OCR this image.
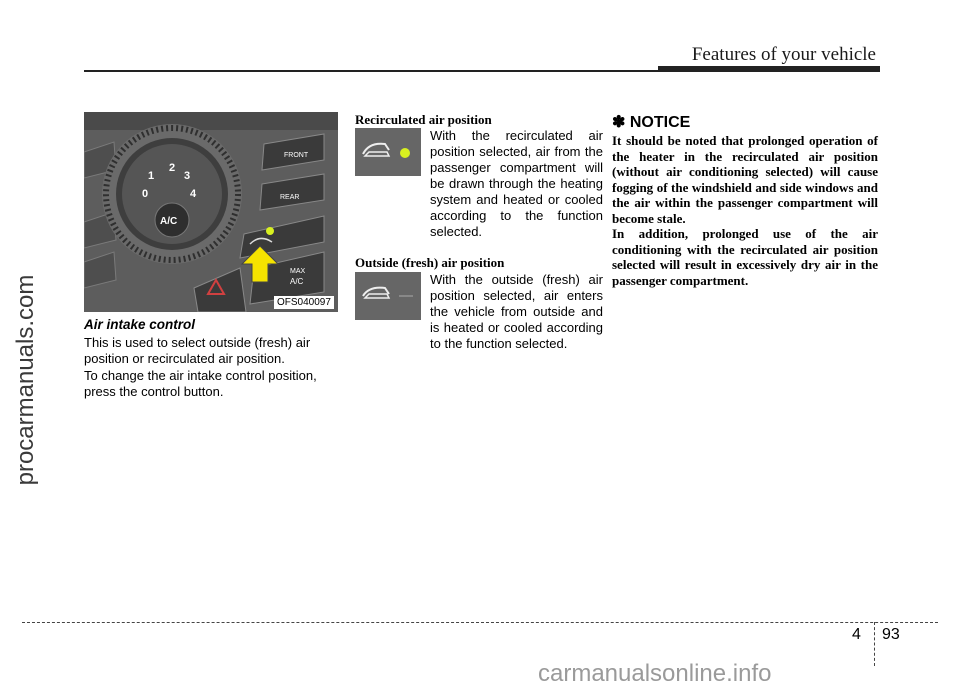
Features of your vehicle
procarmanuals.com
0
1
2
3
4
A/C
FRONT
REAR
MAX
A/C
OFS040097
Air intake control
This is used to select outside (fresh) air position or recirculated air position.
To change the air intake control position, press the control button.
Recirculated air position
With the recirculated air position selected, air from the passenger compartment will be drawn through the heating system and heated or cooled according to the function selected.
Outside (fresh) air position
With the outside (fresh) air position selected, air enters the vehicle from outside and is heated or cooled according to the function selected.
✽ NOTICE
It should be noted that prolonged operation of the heater in the recirculated air position (without air conditioning selected) will cause fogging of the windshield and side windows and the air within the passenger compartment will become stale.
In addition, prolonged use of the air conditioning with the recirculated air position selected will result in excessively dry air in the passenger compartment.
4 93
carmanualsonline.info
